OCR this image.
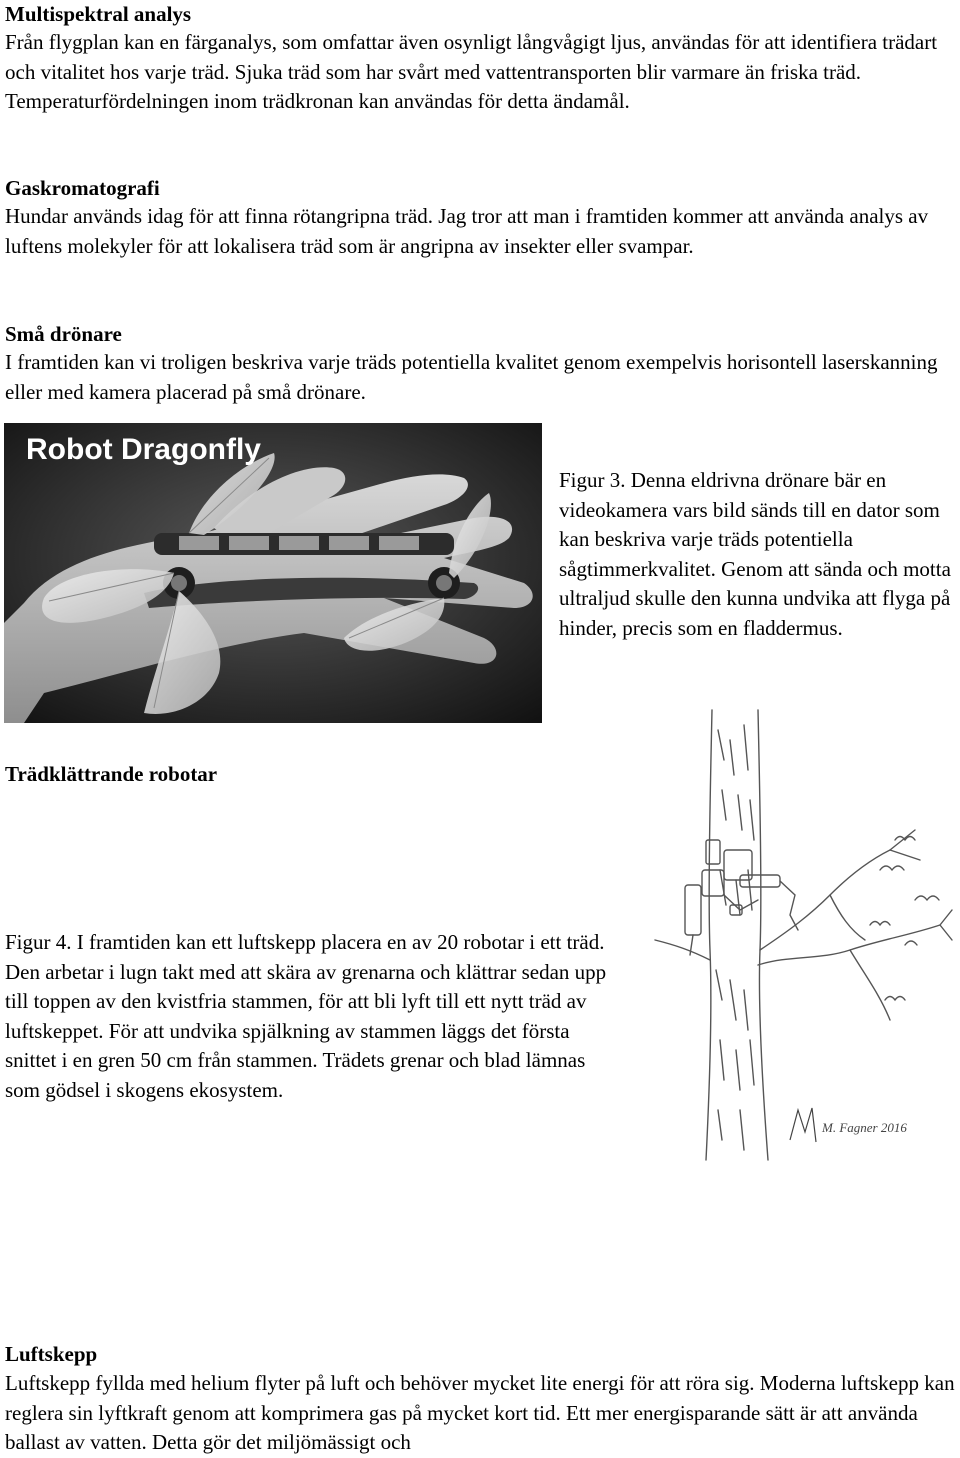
Multispektral analys

Från flygplan kan en färganalys, som omfattar även osynligt långvågigt ljus, användas för att identifiera trädart och vitalitet hos varje träd. Sjuka träd som har svårt med vattentransporten blir varmare än friska träd. Temperaturfördelningen inom trädkronan kan användas för detta ändamål.

Gaskromatografi

Hundar används idag för att finna rötangripna träd. Jag tror att man i framtiden kommer att använda analys av luftens molekyler för att lokalisera träd som är angripna av insekter eller svampar.

Små drönare

I framtiden kan vi troligen beskriva varje träds potentiella kvalitet genom exempelvis horisontell laserskanning eller med kamera placerad på små drönare.

Robot Dragonfly

Figur 3. Denna eldrivna drönare bär en videokamera vars bild sänds till en dator som kan beskriva varje träds potentiella sågtimmerkvalitet. Genom att sända och motta ultraljud skulle den kunna undvika att flyga på hinder, precis som en fladdermus.

Trädklättrande robotar

Figur 4. I framtiden kan ett luftskepp placera en av 20 robotar i ett träd. Den arbetar i lugn takt med att skära av grenarna och klättrar sedan upp till toppen av den kvistfria stammen, för att bli lyft till ett nytt träd av luftskeppet. För att undvika spjälkning av stammen läggs det första snittet i en gren 50 cm från stammen. Trädets grenar och blad lämnas som gödsel i skogens ekosystem.

M. Fagner 2016
Luftskepp

Luftskepp fyllda med helium flyter på luft och behöver mycket lite energi för att röra sig. Moderna luftskepp kan reglera sin lyftkraft genom att komprimera gas på mycket kort tid. Ett mer energisparande sätt är att använda ballast av vatten. Detta gör det miljömässigt och
